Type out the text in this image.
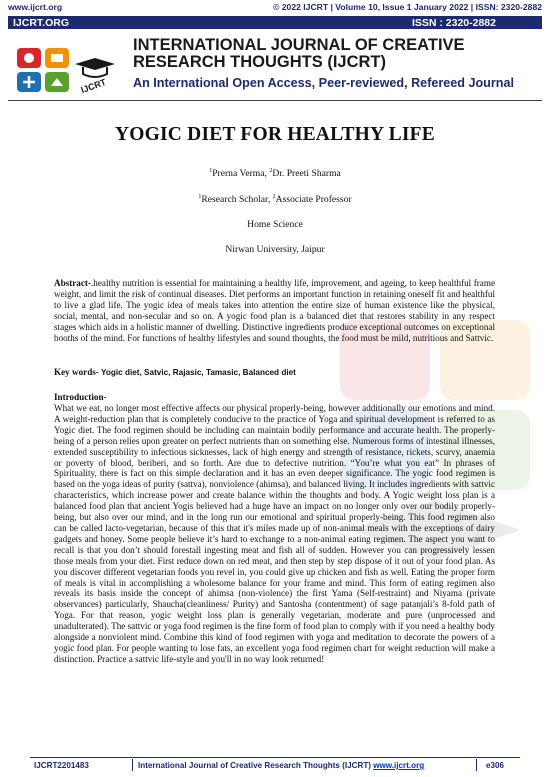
www.ijcrt.org	© 2022 IJCRT | Volume 10, Issue 1 January 2022 | ISSN: 2320-2882
IJCRT.ORG	ISSN : 2320-2882
IJCRT
INTERNATIONAL JOURNAL OF CREATIVE
RESEARCH THOUGHTS (IJCRT)
An International Open Access, Peer-reviewed, Refereed Journal
YOGIC DIET FOR HEALTHY LIFE
$^1$Prerna Verma, $^2$Dr. Preeti Sharma
$^1$Research Scholar, $^2$Associate Professor
Home Science
Nirwan University, Jaipur
Abstract-.healthy nutrition is essential for maintaining a healthy life, improvement, and ageing, to keep healthful frame weight, and limit the risk of continual diseases. Diet performs an important function in retaining oneself fit and healthful to live a glad life. The yogic idea of meals takes into attention the entire size of human existence like the physical, social, mental, and non-secular and so on. A yogic food plan is a balanced diet that restores stability in any respect stages which aids in a holistic manner of dwelling. Distinctive ingredients produce exceptional outcomes on exceptional booths of the mind. For functions of healthy lifestyles and sound thoughts, the food must be mild, nutritious and Sattvic.
Key words- Yogic diet, Satvic, Rajasic, Tamasic, Balanced diet
Introduction-
What we eat, no longer most effective affects our physical properly-being, however additionally our emotions and mind. A weight-reduction plan that is completely conducive to the practice of Yoga and spiritual development is referred to as Yogic diet. The food regimen should be including can maintain bodily performance and accurate health. The properly-being of a person relies upon greater on perfect nutrients than on something else. Numerous forms of intestinal illnesses, extended susceptibility to infectious sicknesses, lack of high energy and strength of resistance, rickets, scurvy, anaemia or poverty of blood, beriberi, and so forth. Are due to defective nutrition. “You’re what you eat” In phrases of Spirituality, there is fact on this simple declaration and it has an even deeper significance. The yogic food regimen is based on the yoga ideas of purity (sattva), nonviolence (ahimsa), and balanced living. It includes ingredients with sattvic characteristics, which increase power and create balance within the thoughts and body. A Yogic weight loss plan is a balanced food plan that ancient Yogis believed had a huge have an impact on no longer only over our bodily properly-being, but also over our mind, and in the long run our emotional and spiritual properly-being. This food regimen also can be called lacto-vegetarian, because of this that it's miles made up of non-animal meals with the exceptions of dairy gadgets and honey. Some people believe it’s hard to exchange to a non-animal eating regimen. The aspect you want to recall is that you don’t should forestall ingesting meat and fish all of sudden. However you can progressively lessen those meals from your diet. First reduce down on red meat, and then step by step dispose of it out of your food plan. As you discover different vegetarian foods you revel in, you could give up chicken and fish as well. Eating the proper form of meals is vital in accomplishing a wholesome balance for your frame and mind. This form of eating regimen also reveals its basis inside the concept of ahimsa (non-violence) the first Yama (Self-restraint) and Niyama (private observances) particularly, Shaucha(cleanliness/ Purity) and Santosha (contentment) of sage patanjali’s 8-fold path of Yoga. For that reason, yogic weight loss plan is generally vegetarian, moderate and pure (unprocessed and unadulterated). The sattvic or yoga food regimen is the fine form of food plan to comply with if you need a healthy body alongside a nonviolent mind. Combine this kind of food regimen with yoga and meditation to decorate the powers of a yogic food plan. For people wanting to lose fats, an excellent yoga food regimen chart for weight reduction will make a distinction. Practice a sattvic life-style and you'll in no way look returned!
IJCRT2201483	International Journal of Creative Research Thoughts (IJCRT) www.ijcrt.org	e306
